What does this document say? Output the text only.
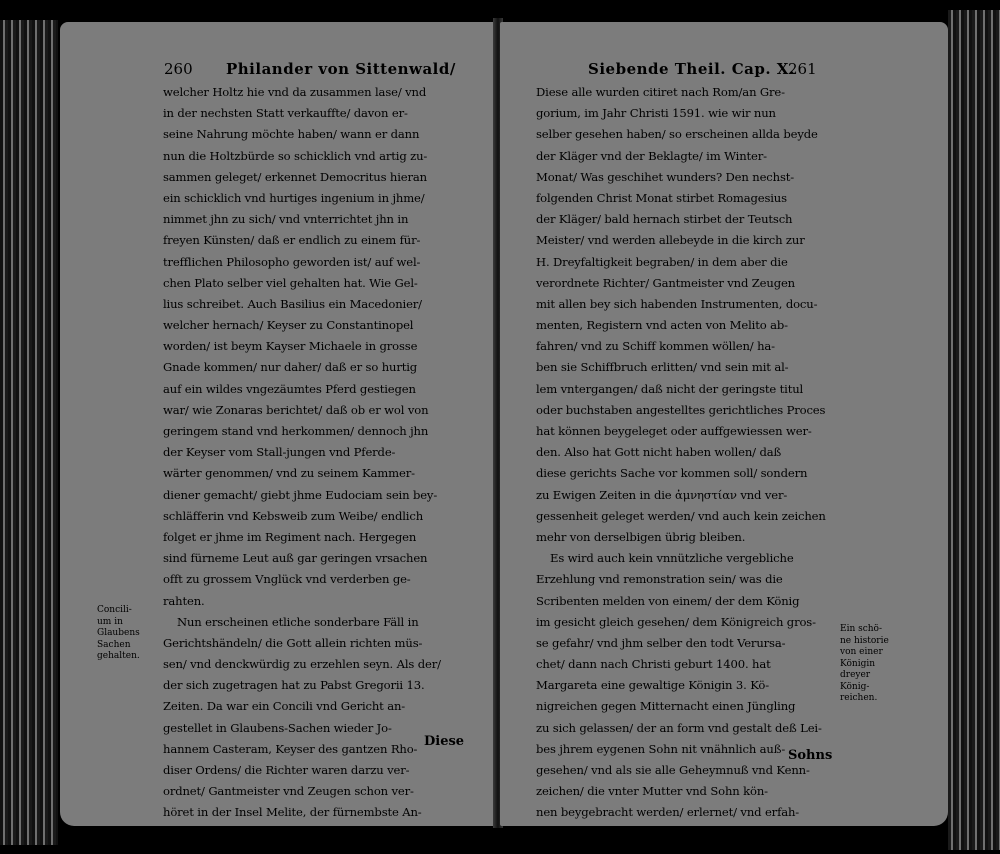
260 Philander von Sittenwald/
welcher Holtz hie vnd da zusammen lase/ vnd
in der nechsten Statt verkauffte/ davon er-
seine Nahrung möchte haben/ wann er dann
nun die Holtzbürde so schicklich vnd artig zu-
sammen geleget/ erkennet Democritus hieran
ein schicklich vnd hurtiges ingenium in jhme/
nimmet jhn zu sich/ vnd vnterrichtet jhn in
freyen Künsten/ daß er endlich zu einem für-
trefflichen Philosopho geworden ist/ auf wel-
chen Plato selber viel gehalten hat. Wie Gel-
lius schreibet. Auch Basilius ein Macedonier/
welcher hernach/ Keyser zu Constantinopel
worden/ ist beym Kayser Michaele in grosse
Gnade kommen/ nur daher/ daß er so hurtig
auf ein wildes vngezäumtes Pferd gestiegen
war/ wie Zonaras berichtet/ daß ob er wol von
geringem stand vnd herkommen/ dennoch jhn
der Keyser vom Stall-jungen vnd Pferde-
wärter genommen/ vnd zu seinem Kammer-
diener gemacht/ giebt jhme Eudociam sein bey-
schläfferin vnd Kebsweib zum Weibe/ endlich
folget er jhme im Regiment nach. Hergegen
sind fürneme Leut auß gar geringen vrsachen
offt zu grossem Vnglück vnd verderben ge-
rahten.
Nun erscheinen etliche sonderbare Fäll in
Gerichtshändeln/ die Gott allein richten müs-
sen/ vnd denckwürdig zu erzehlen seyn. Als der/
der sich zugetragen hat zu Pabst Gregorii 13.
Zeiten. Da war ein Concili vnd Gericht an-
gestellet in Glaubens-Sachen wieder Jo-
hannem Casteram, Keyser des gantzen Rho-
diser Ordens/ die Richter waren darzu ver-
ordnet/ Gantmeister vnd Zeugen schon ver-
höret in der Insel Melite, der fürnembste An-
kläger vñ Fiscal in der sachen ware Romagesiu
Concili-
um in
Glaubens
Sachen
gehalten.
Diese
Siebende Theil. Cap. X.
261
Diese alle wurden citiret nach Rom/an Gre-
gorium, im Jahr Christi 1591. wie wir nun
selber gesehen haben/ so erscheinen allda beyde
der Kläger vnd der Beklagte/ im Winter-
Monat/ Was geschihet wunders? Den nechst-
folgenden Christ Monat stirbet Romagesius
der Kläger/ bald hernach stirbet der Teutsch
Meister/ vnd werden allebeyde in die kirch zur
H. Dreyfaltigkeit begraben/ in dem aber die
verordnete Richter/ Gantmeister vnd Zeugen
mit allen bey sich habenden Instrumenten, docu-
menten, Registern vnd acten von Melito ab-
fahren/ vnd zu Schiff kommen wöllen/ ha-
ben sie Schiffbruch erlitten/ vnd sein mit al-
lem vntergangen/ daß nicht der geringste titul
oder buchstaben angestelltes gerichtliches Proces
hat können beygeleget oder auffgewiessen wer-
den. Also hat Gott nicht haben wollen/ daß
diese gerichts Sache vor kommen soll/ sondern
zu Ewigen Zeiten in die ἀμνηστίαν vnd ver-
gessenheit geleget werden/ vnd auch kein zeichen
mehr von derselbigen übrig bleiben.
Es wird auch kein vnnützliche vergebliche
Erzehlung vnd remonstration sein/ was die
Scribenten melden von einem/ der dem König
im gesicht gleich gesehen/ dem Königreich gros-
se gefahr/ vnd jhm selber den todt Verursa-
chet/ dann nach Christi geburt 1400. hat
Margareta eine gewaltige Königin 3. Kö-
nigreichen gegen Mitternacht einen Jüngling
zu sich gelassen/ der an form vnd gestalt deß Lei-
bes jhrem eygenen Sohn nit vnähnlich auß-
gesehen/ vnd als sie alle Geheymnuß vnd Kenn-
zeichen/ die vnter Mutter vnd Sohn kön-
nen beygebracht werden/ erlernet/ vnd erfah-
ren/ durch erkunden der säugammen deß
Ein schö-
ne historie
von einer
Königin
dreyer
König-
reichen.
Sohns
